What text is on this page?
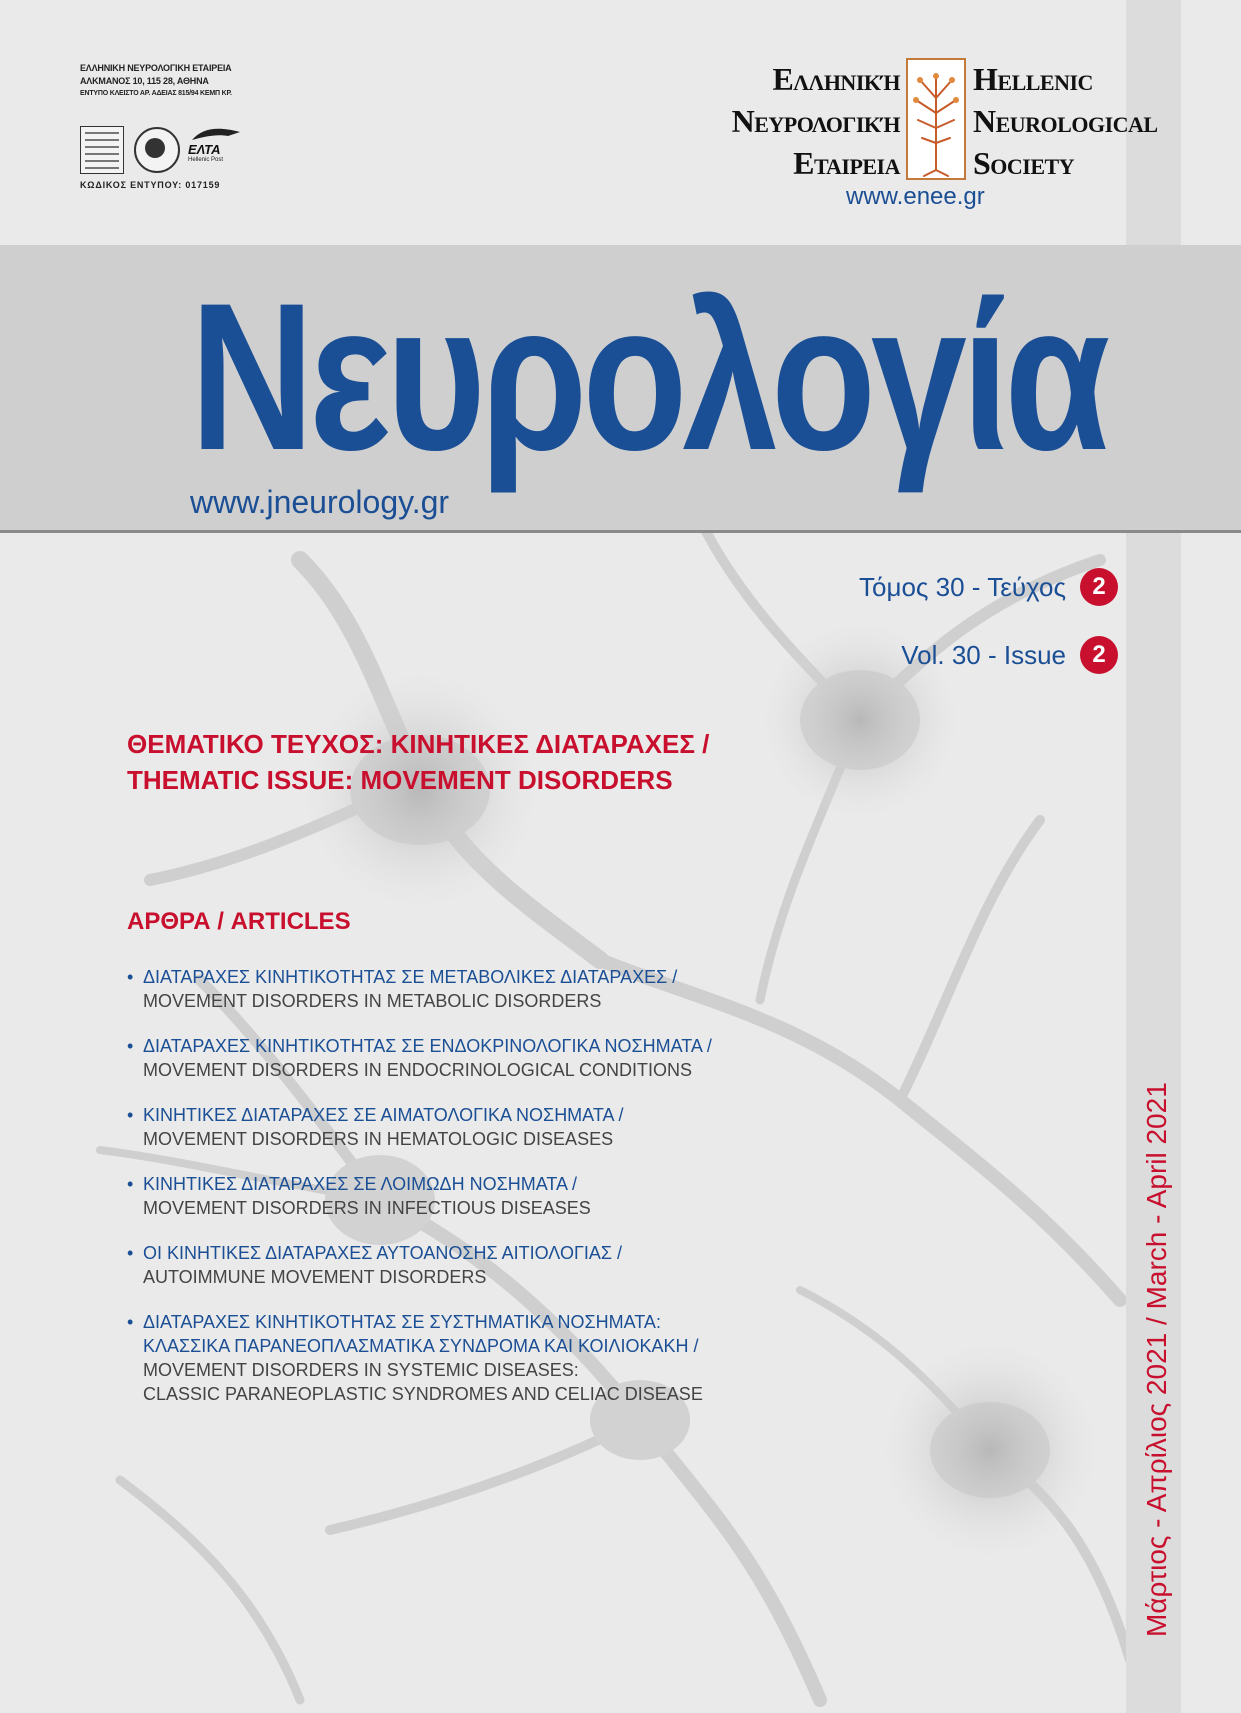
ΕΛΛΗΝΙΚΗ ΝΕΥΡΟΛΟΓΙΚΗ ΕΤΑΙΡΕΙΑ
ΑΛΚΜΑΝΟΣ 10, 115 28, ΑΘΗΝΑ
ΕΝΤΥΠΟ ΚΛΕΙΣΤΟ ΑΡ. ΑΔΕΙΑΣ 815/94 ΚΕΜΠ ΚΡ.
ΕΛΤΑ
Hellenic Post
ΚΩΔΙΚΟΣ ΕΝΤΥΠΟΥ: 017159
Ελληνική
Νευρολογική
Εταιρεια
Hellenic
Neurological
Society
www.enee.gr
Νευρολογία
www.jneurology.gr
Τόμος 30 - Τεύχος	2
Vol. 30 - Issue	2
ΘΕΜΑΤΙΚΟ ΤΕΥΧΟΣ: ΚΙΝΗΤΙΚΕΣ ΔΙΑΤΑΡΑΧΕΣ /
THEMATIC ISSUE: MOVEMENT DISORDERS
ΑΡΘΡΑ / ARTICLES
• ΔΙΑΤΑΡΑΧΕΣ ΚΙΝΗΤΙΚΟΤΗΤΑΣ ΣΕ ΜΕΤΑΒΟΛΙΚΕΣ ΔΙΑΤΑΡΑΧΕΣ /
MOVEMENT DISORDERS IN METABOLIC DISORDERS
• ΔΙΑΤΑΡΑΧΕΣ ΚΙΝΗΤΙΚΟΤΗΤΑΣ ΣΕ ΕΝΔΟΚΡΙΝΟΛΟΓΙΚΑ ΝΟΣΗΜΑΤΑ /
MOVEMENT DISORDERS IN ENDOCRINOLOGICAL CONDITIONS
• ΚΙΝΗΤΙΚΕΣ ΔΙΑΤΑΡΑΧΕΣ ΣΕ ΑΙΜΑΤΟΛΟΓΙΚΑ ΝΟΣΗΜΑΤΑ /
MOVEMENT DISORDERS IN HEMATOLOGIC DISEASES
• ΚΙΝΗΤΙΚΕΣ ΔΙΑΤΑΡΑΧΕΣ ΣΕ ΛΟΙΜΩΔΗ ΝΟΣΗΜΑΤΑ /
MOVEMENT DISORDERS IN INFECTIOUS DISEASES
• ΟΙ ΚΙΝΗΤΙΚΕΣ ΔΙΑΤΑΡΑΧΕΣ ΑΥΤΟΑΝΟΣΗΣ ΑΙΤΙΟΛΟΓΙΑΣ /
AUTOIMMUNE MOVEMENT DISORDERS
• ΔΙΑΤΑΡΑΧΕΣ ΚΙΝΗΤΙΚΟΤΗΤΑΣ ΣΕ ΣΥΣΤΗΜΑΤΙΚΑ ΝΟΣΗΜΑΤΑ:
ΚΛΑΣΣΙΚΑ ΠΑΡΑΝΕΟΠΛΑΣΜΑΤΙΚΑ ΣΥΝΔΡΟΜΑ ΚΑΙ ΚΟΙΛΙΟΚΑΚΗ /
MOVEMENT DISORDERS IN SYSTEMIC DISEASES:
CLASSIC PARANEOPLASTIC SYNDROMES AND CELIAC DISEASE	Μάρτιος - Απρίλιος 2021 / March - April 2021
